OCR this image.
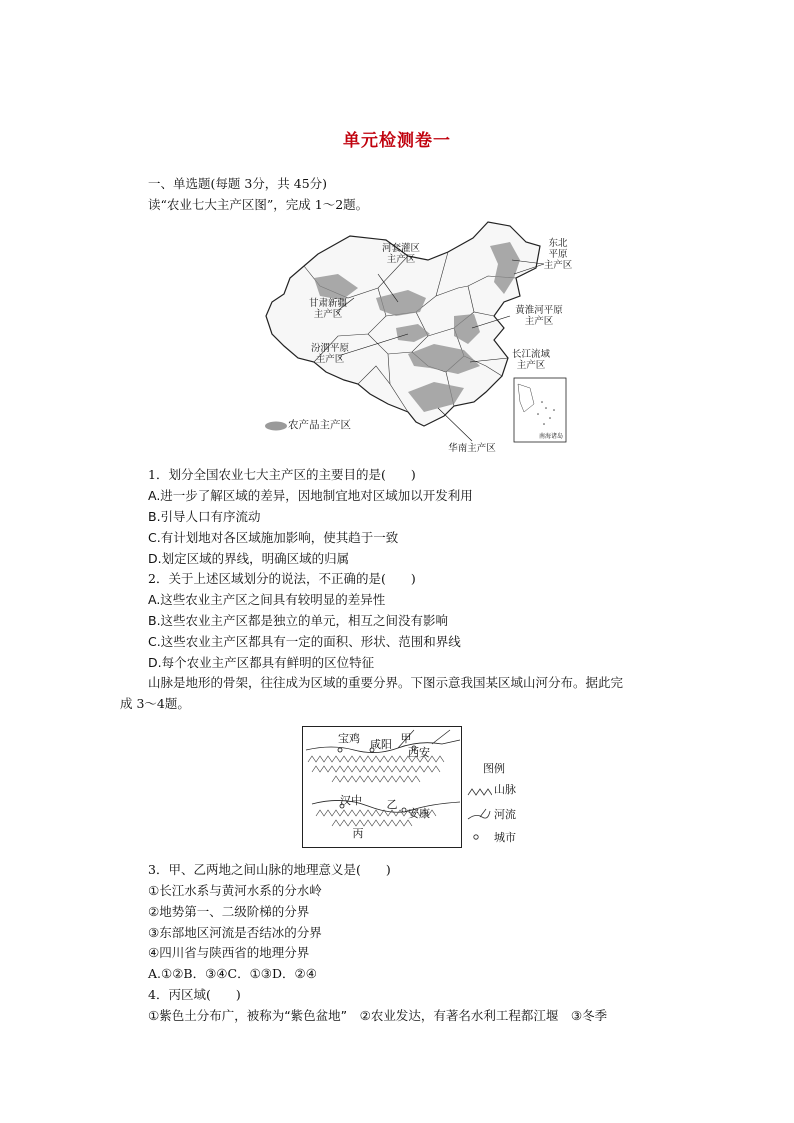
单元检测卷一
一、单选题(每题 3分，共 45分)
读“农业七大主产区图”，完成 1～2题。
河套灌区
主产区
东北
平原
主产区
甘肃新疆
主产区	黄淮河平原
主产区
汾渭平原
主产区	长江流域
主产区
华南主产区
南海诸岛
农产品主产区
1．划分全国农业七大主产区的主要目的是(　　)
A.进一步了解区域的差异，因地制宜地对区域加以开发利用
B.引导人口有序流动
C.有计划地对各区域施加影响，使其趋于一致
D.划定区域的界线，明确区域的归属
2．关于上述区域划分的说法，不正确的是(　　)
A.这些农业主产区之间具有较明显的差异性
B.这些农业主产区都是独立的单元，相互之间没有影响
C.这些农业主产区都具有一定的面积、形状、范围和界线
D.每个农业主产区都具有鲜明的区位特征
山脉是地形的骨架，往往成为区域的重要分界。下图示意我国某区域山河分布。据此完
成 3～4题。
宝鸡 咸阳 甲
西安
汉中	乙
安康
丙
图例
山脉
河流
城市
3．甲、乙两地之间山脉的地理意义是(　　)
①长江水系与黄河水系的分水岭
②地势第一、二级阶梯的分界
③东部地区河流是否结冰的分界
④四川省与陕西省的地理分界
A.①②B．③④C．①③D．②④
4．丙区域(　　)
①紫色土分布广，被称为“紫色盆地”　②农业发达，有著名水利工程都江堰　③冬季
